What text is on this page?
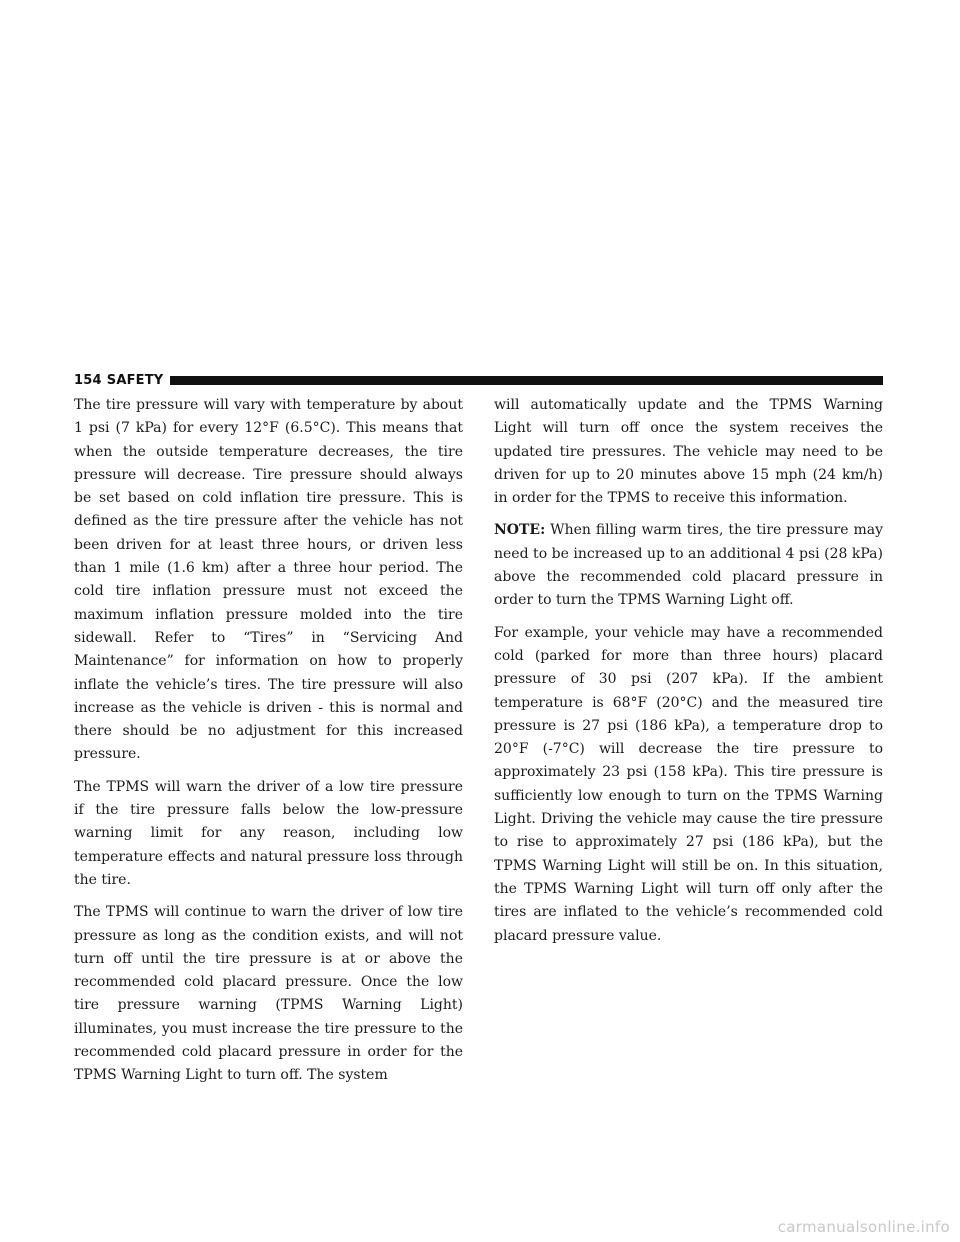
154 SAFETY

The tire pressure will vary with temperature by about 1 psi (7 kPa) for every 12°F (6.5°C). This means that when the outside temperature decreases, the tire pressure will decrease. Tire pressure should always be set based on cold inflation tire pressure. This is defined as the tire pressure after the vehicle has not been driven for at least three hours, or driven less than 1 mile (1.6 km) after a three hour period. The cold tire inflation pressure must not exceed the maximum inflation pressure molded into the tire sidewall. Refer to “Tires” in “Servicing And Maintenance” for information on how to properly inflate the vehicle’s tires. The tire pressure will also increase as the vehicle is driven - this is normal and there should be no adjustment for this increased pressure.

The TPMS will warn the driver of a low tire pressure if the tire pressure falls below the low-pressure warning limit for any reason, including low temperature effects and natural pressure loss through the tire.

The TPMS will continue to warn the driver of low tire pressure as long as the condition exists, and will not turn off until the tire pressure is at or above the recommended cold placard pressure. Once the low tire pressure warning (TPMS Warning Light) illuminates, you must increase the tire pressure to the recommended cold placard pressure in order for the TPMS Warning Light to turn off. The system

will automatically update and the TPMS Warning Light will turn off once the system receives the updated tire pressures. The vehicle may need to be driven for up to 20 minutes above 15 mph (24 km/h) in order for the TPMS to receive this information.

NOTE: When filling warm tires, the tire pressure may need to be increased up to an additional 4 psi (28 kPa) above the recommended cold placard pressure in order to turn the TPMS Warning Light off.

For example, your vehicle may have a recommended cold (parked for more than three hours) placard pressure of 30 psi (207 kPa). If the ambient temperature is 68°F (20°C) and the measured tire pressure is 27 psi (186 kPa), a temperature drop to 20°F (-7°C) will decrease the tire pressure to approximately 23 psi (158 kPa). This tire pressure is sufficiently low enough to turn on the TPMS Warning Light. Driving the vehicle may cause the tire pressure to rise to approximately 27 psi (186 kPa), but the TPMS Warning Light will still be on. In this situation, the TPMS Warning Light will turn off only after the tires are inflated to the vehicle’s recommended cold placard pressure value.

carmanualsonline.info
